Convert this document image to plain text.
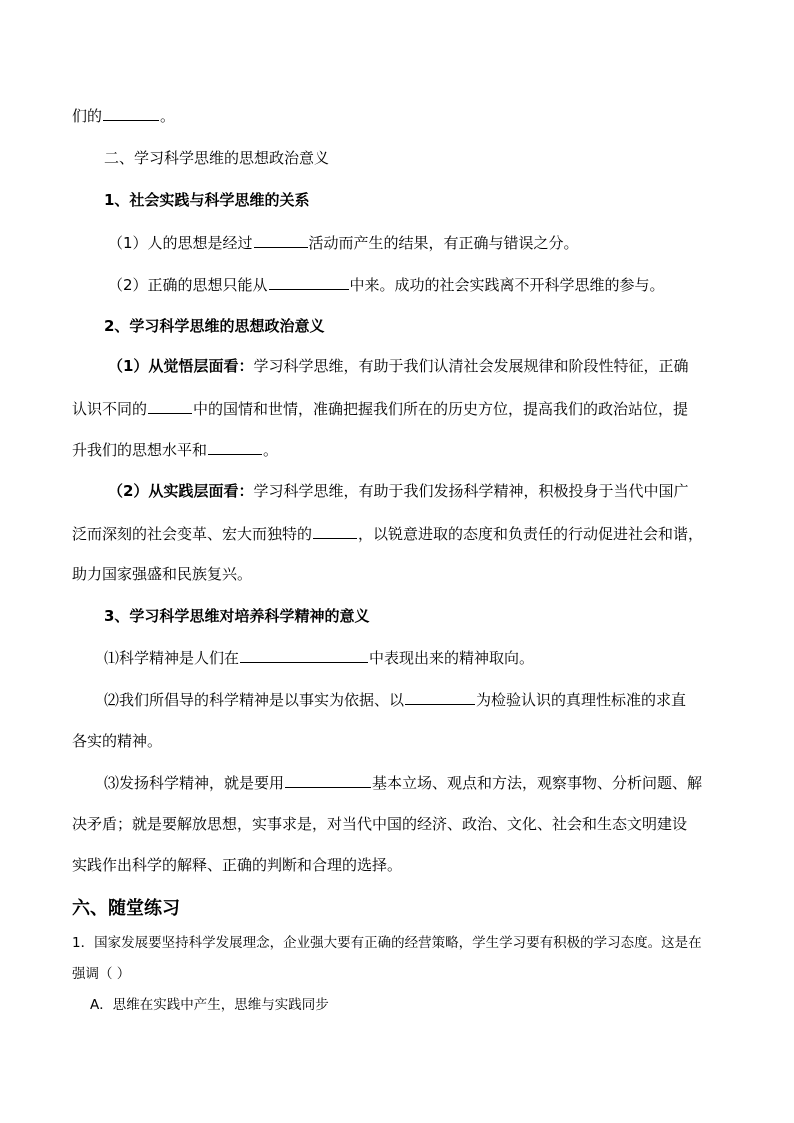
们的	。
二、学习科学思维的思想政治意义
1、社会实践与科学思维的关系
（1）人的思想是经过	活动而产生的结果，有正确与错误之分。
（2）正确的思想只能从	中来。成功的社会实践离不开科学思维的参与。
2、学习科学思维的思想政治意义
（1）从觉悟层面看：学习科学思维，有助于我们认清社会发展规律和阶段性特征，正确
认识不同的	中的国情和世情，准确把握我们所在的历史方位，提高我们的政治站位，提
升我们的思想水平和	。
（2）从实践层面看：学习科学思维，有助于我们发扬科学精神，积极投身于当代中国广
泛而深刻的社会变革、宏大而独特的	，以锐意进取的态度和负责任的行动促进社会和谐，
助力国家强盛和民族复兴。
3、学习科学思维对培养科学精神的意义
⑴科学精神是人们在	中表现出来的精神取向。
⑵我们所倡导的科学精神是以事实为依据、以	为检验认识的真理性标准的求直
各实的精神。
⑶发扬科学精神，就是要用	基本立场、观点和方法，观察事物、分析问题、解
决矛盾；就是要解放思想，实事求是，对当代中国的经济、政治、文化、社会和生态文明建设
实践作出科学的解释、正确的判断和合理的选择。
六、随堂练习
1．国家发展要坚持科学发展理念，企业强大要有正确的经营策略，学生学习要有积极的学习态度。这是在
强调（ ）
A．思维在实践中产生，思维与实践同步
